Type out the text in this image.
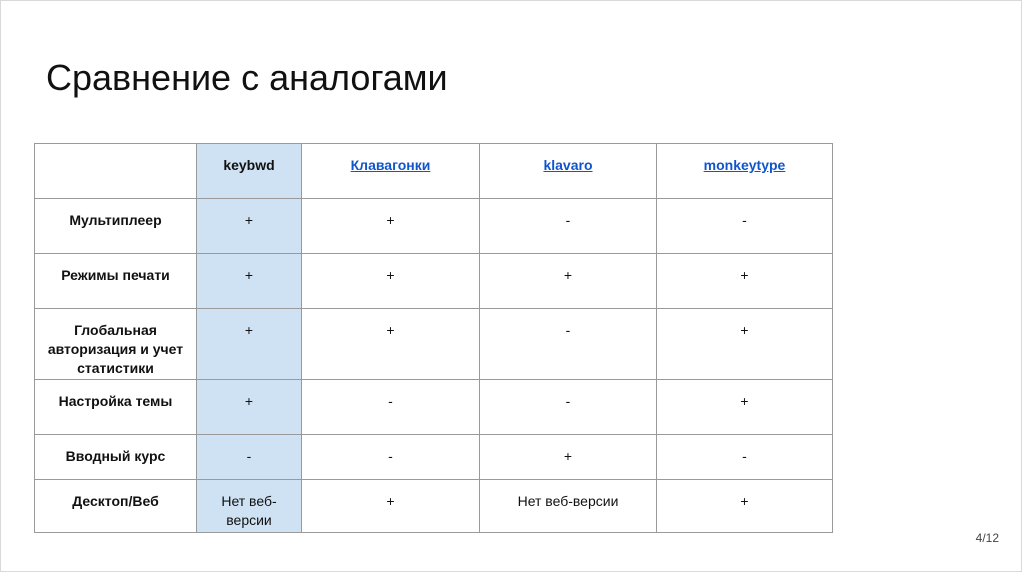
Сравнение с аналогами
	keybwd	Клавагонки	klavaro	monkeytype
Мультиплеер	+	+	-	-
Режимы печати	+	+	+	+
Глобальная авторизация и учет статистики	+	+	-	+
Настройка темы	+	-	-	+
Вводный курс	-	-	+	-
Десктоп/Веб	Нет веб-версии	+	Нет веб-версии	+
4/12
